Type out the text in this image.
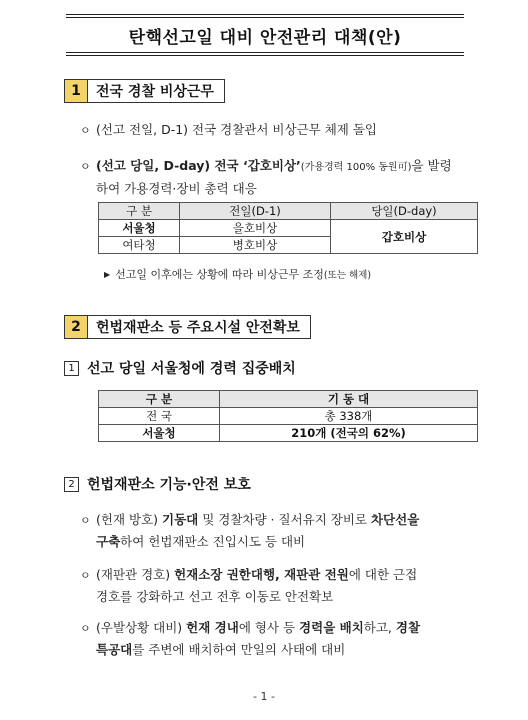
탄핵선고일 대비 안전관리 대책(안)
1	전국 경찰 비상근무
ㅇ (선고 전일, D-1) 전국 경찰관서 비상근무 체제 돌입
ㅇ (선고 당일, D-day) 전국 ‘갑호비상’(가용경력 100% 동원可)을 발령
하여 가용경력·장비 총력 대응
구 분	전일(D-1)	당일(D-day)
서울청	을호비상	갑호비상
여타청	병호비상	
▶ 선고일 이후에는 상황에 따라 비상근무 조정(또는 해제)
2	헌법재판소 등 주요시설 안전확보
1 선고 당일 서울청에 경력 집중배치
구 분	기 동 대
전 국	총 338개
서울청	210개 (전국의 62%)
2 헌법재판소 기능·안전 보호
ㅇ (헌재 방호) 기동대 및 경찰차량 · 질서유지 장비로 차단선을
구축하여 헌법재판소 진입시도 등 대비
ㅇ (재판관 경호) 헌재소장 권한대행, 재판관 전원에 대한 근접
경호를 강화하고 선고 전후 이동로 안전확보
ㅇ (우발상황 대비) 헌재 경내에 형사 등 경력을 배치하고, 경찰
특공대를 주변에 배치하여 만일의 사태에 대비
- 1 -
